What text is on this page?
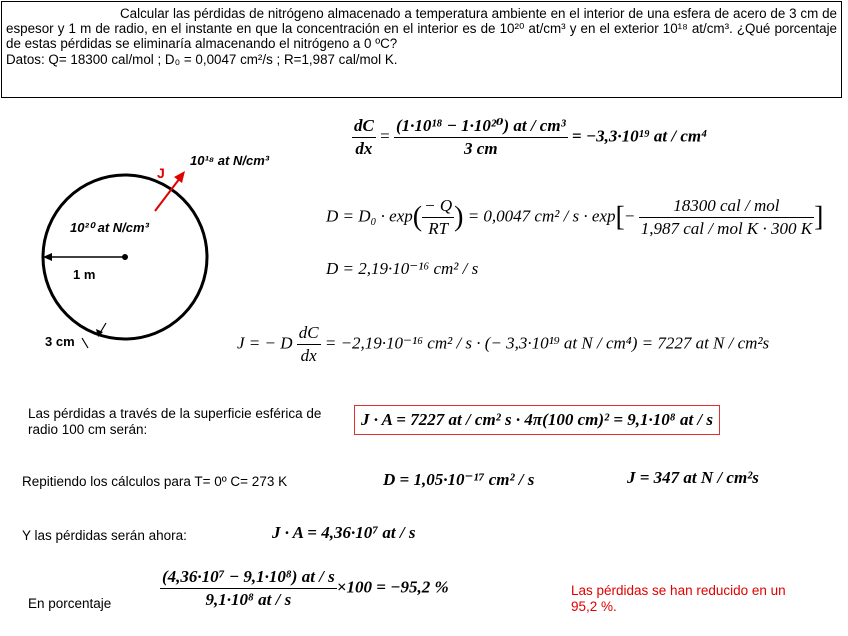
Calcular las pérdidas de nitrógeno almacenado a temperatura ambiente en el interior de una esfera de acero de 3 cm de espesor y 1 m de radio, en el instante en que la concentración en el interior es de 10²⁰ at/cm³ y en el exterior 10¹⁸ at/cm³. ¿Qué porcentaje de estas pérdidas se eliminaría almacenando el nitrógeno a 0 ºC?
Datos: Q= 18300 cal/mol ; D₀ = 0,0047 cm²/s ; R=1,987 cal/mol K.
10¹⁸ at N/cm³
J
10²⁰ at N/cm³
1 m
3 cm
$\frac{dC}{dx} = \frac{\text{(1·10¹⁸ − 1·10²⁰) at / cm³}}{3 cm} = -3,3\cdot 10^{19}$ at / cm⁴
$D = D_0 \cdot \exp( \frac{- Q}{RT}$ ) = 0,0047 $cm^2 / s \cdot \exp[- \frac{\text{18300 cal / mol}}{\text{1,987 cal / mol K · 300 K}}$ ]
D = 2,19·10⁻¹⁶ cm² / s
J = − D $\frac{dC}{dx} = -2,19\cdot 10^{-16}$ cm² / s · (− 3,3·10¹⁹ at N / cm⁴) = 7227 at N / cm²s
Las pérdidas a través de la superficie esférica de radio 100 cm serán:
J · A = 7227 at / cm² s · 4π(100 cm)² = 9,1·10⁸ at / s
Repitiendo los cálculos para T= 0º C= 273 K	D = 1,05·10⁻¹⁷ cm² / s	J = 347 at N / cm²s
Y las pérdidas serán ahora:	J · A = 4,36·10⁷ at / s
En porcentaje	$\frac{\text{(4,36·10⁷ − 9,1·10⁸) at / s}}{\text{9,1·10⁸ at / s}} \times 100 = -95,2$ %	Las pérdidas se han reducido en un 95,2 %.
